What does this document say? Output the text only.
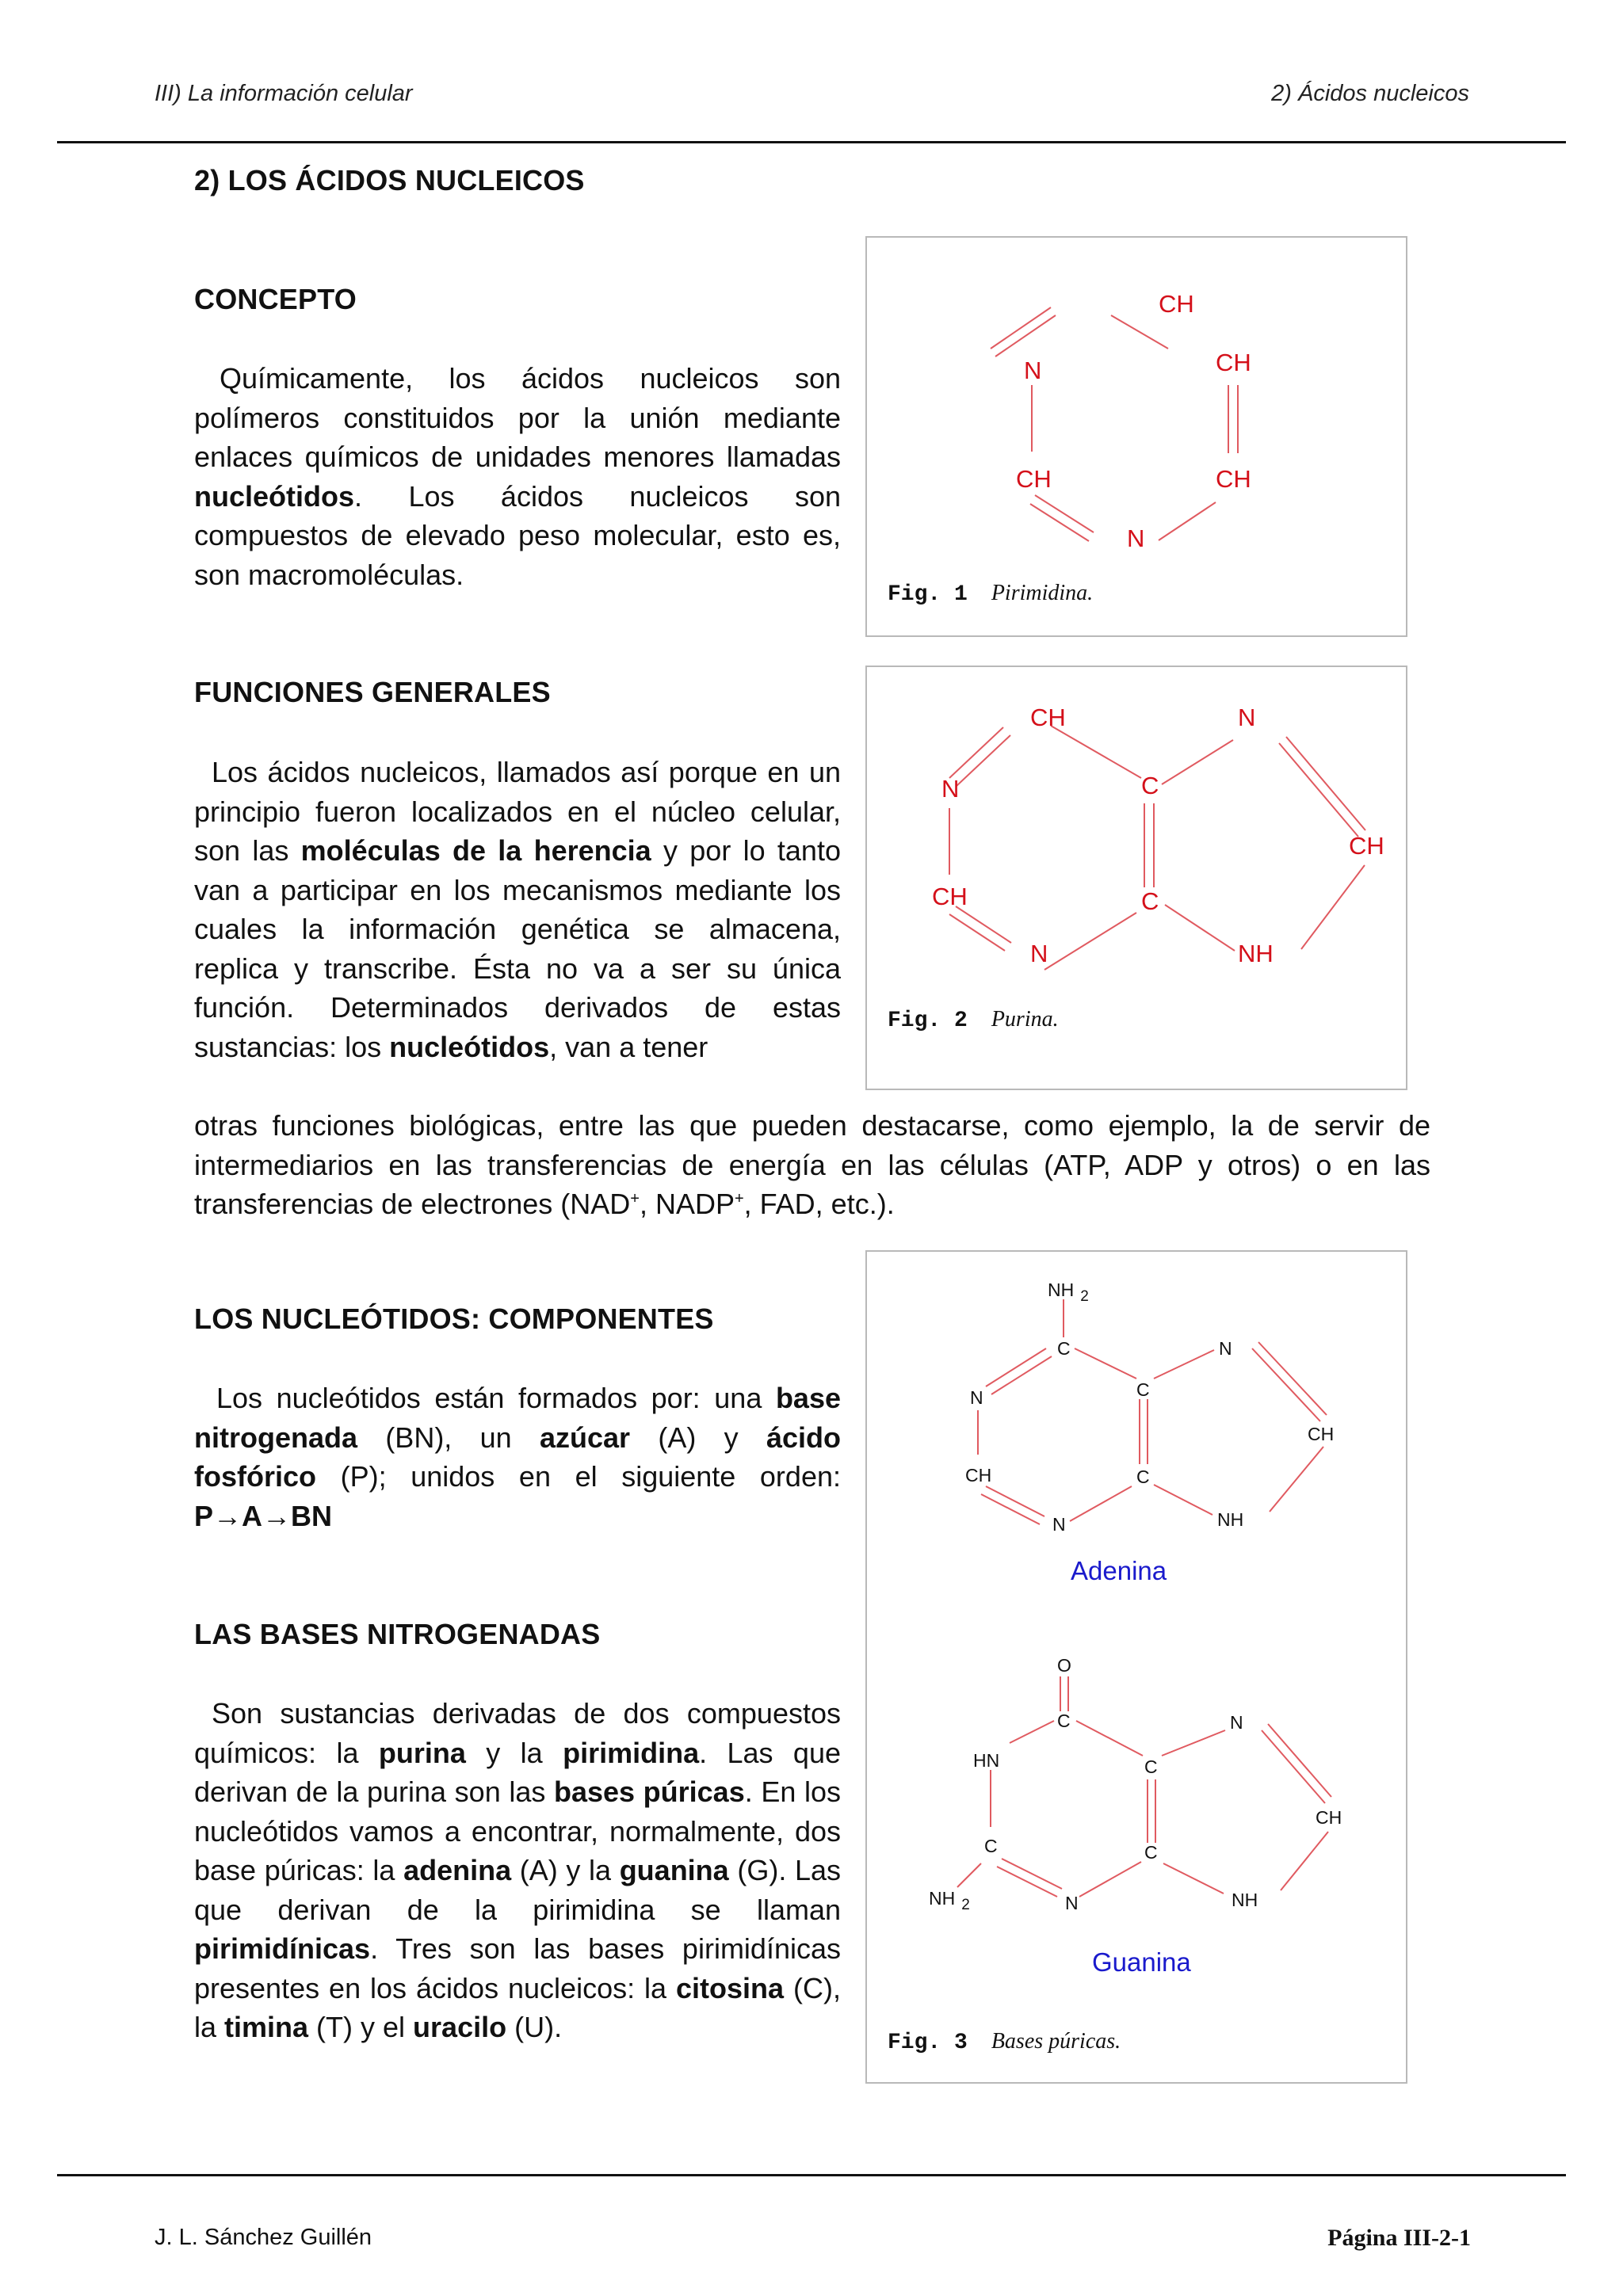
III) La información celular	2) Ácidos nucleicos
2) LOS ÁCIDOS NUCLEICOS
CONCEPTO

Químicamente, los ácidos nucleicos son polímeros constituidos por la unión mediante enlaces químicos de unidades menores llamadas nucleótidos. Los ácidos nucleicos son compuestos de elevado peso molecular, esto es, son macromoléculas.

FUNCIONES GENERALES

Los ácidos nucleicos, llamados así porque en un principio fueron localizados en el núcleo celular, son las moléculas de la herencia y por lo tanto van a participar en los mecanismos mediante los cuales la información genética se almacena, replica y transcribe. Ésta no va a ser su única función. Determinados derivados de estas sustancias: los nucleótidos, van a tener

otras funciones biológicas, entre las que pueden destacarse, como ejemplo, la de servir de intermediarios en las transferencias de energía en las células (ATP, ADP y otros) o en las transferencias de electrones (NAD+, NADP+, FAD, etc.).

LOS NUCLEÓTIDOS: COMPONENTES

Los nucleótidos están formados por: una base nitrogenada (BN), un azúcar (A) y ácido fosfórico (P); unidos en el siguiente orden: P→A→BN

LAS BASES NITROGENADAS

Son sustancias derivadas de dos compuestos químicos: la purina y la pirimidina. Las que derivan de la purina son las bases púricas. En los nucleótidos vamos a encontrar, normalmente, dos base púricas: la adenina (A) y la guanina (G). Las que derivan de la pirimidina se llaman pirimidínicas. Tres son las bases pirimidínicas presentes en los ácidos nucleicos: la citosina (C), la timina (T) y el uracilo (U).

CH
N	CH
CH	CH
N
Fig. 1 Pirimidina.
CH	N
N	C
CH
CH	C
N	NH
Fig. 2 Purina.
NH $_2$
C	N
N	C
CH
CH	C
N	NH
Adenina
O
C	N
HN	C
CH
C	C
NH $_2$	N	NH
Guanina
Fig. 3 Bases púricas.
J. L. Sánchez Guillén	Página III-2-1
